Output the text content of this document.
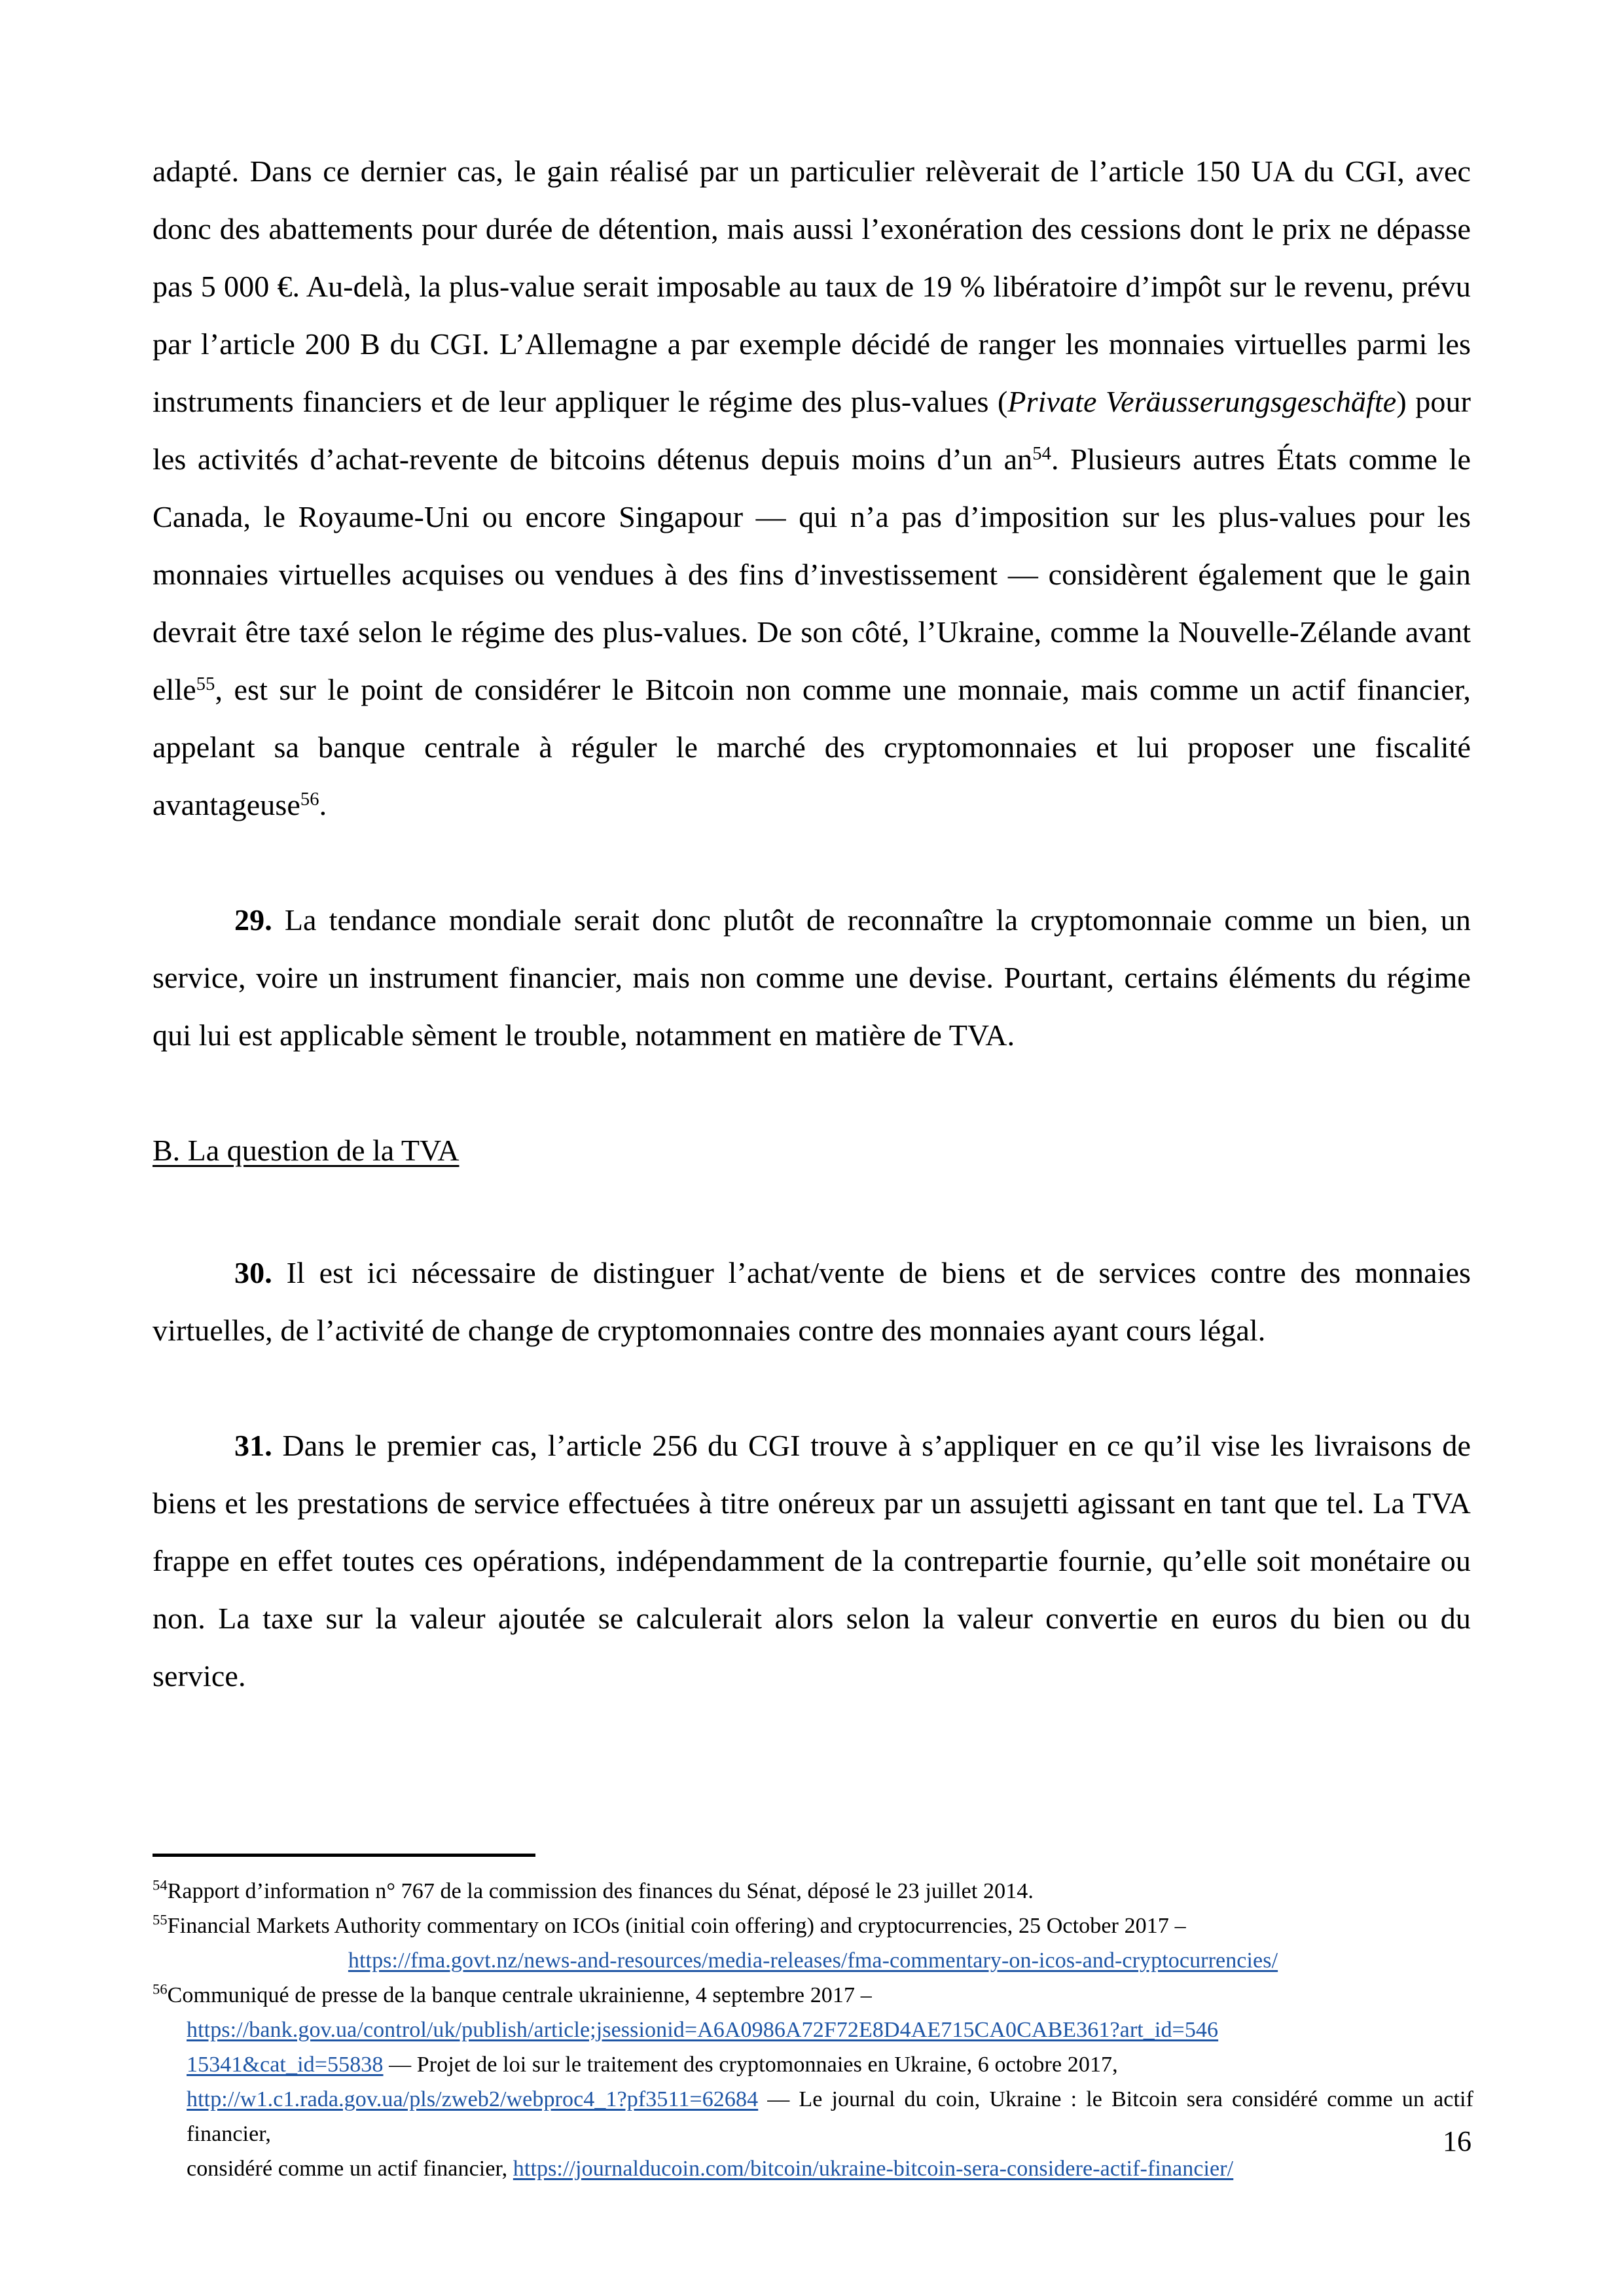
adapté. Dans ce dernier cas, le gain réalisé par un particulier relèverait de l’article 150 UA du CGI, avec donc des abattements pour durée de détention, mais aussi l’exonération des cessions dont le prix ne dépasse pas 5 000 €. Au-delà, la plus-value serait imposable au taux de 19 % libératoire d’impôt sur le revenu, prévu par l’article 200 B du CGI. L’Allemagne a par exemple décidé de ranger les monnaies virtuelles parmi les instruments financiers et de leur appliquer le régime des plus-values (Private Veräusserungsgeschäfte) pour les activités d’achat-revente de bitcoins détenus depuis moins d’un $an^{54}$. Plusieurs autres États comme le Canada, le Royaume-Uni ou encore Singapour — qui n’a pas d’imposition sur les plus-values pour les monnaies virtuelles acquises ou vendues à des fins d’investissement — considèrent également que le gain devrait être taxé selon le régime des plus-values. De son côté, l’Ukraine, comme la Nouvelle-Zélande avant elle$^{55}$, est sur le point de considérer le Bitcoin non comme une monnaie, mais comme un actif financier, appelant sa banque centrale à réguler le marché des cryptomonnaies et lui proposer une fiscalité avantageuse$^{56}$.

29. La tendance mondiale serait donc plutôt de reconnaître la cryptomonnaie comme un bien, un service, voire un instrument financier, mais non comme une devise. Pourtant, certains éléments du régime qui lui est applicable sèment le trouble, notamment en matière de TVA.

B. La question de la TVA

30. Il est ici nécessaire de distinguer l’achat/vente de biens et de services contre des monnaies virtuelles, de l’activité de change de cryptomonnaies contre des monnaies ayant cours légal.

31. Dans le premier cas, l’article 256 du CGI trouve à s’appliquer en ce qu’il vise les livraisons de biens et les prestations de service effectuées à titre onéreux par un assujetti agissant en tant que tel. La TVA frappe en effet toutes ces opérations, indépendamment de la contrepartie fournie, qu’elle soit monétaire ou non. La taxe sur la valeur ajoutée se calculerait alors selon la valeur convertie en euros du bien ou du service.

$^{54}$Rapport d’information n° 767 de la commission des finances du Sénat, déposé le 23 juillet 2014.

$^{55}$Financial Markets Authority commentary on ICOs (initial coin offering) and cryptocurrencies, 25 October 2017 –

https://fma.govt.nz/news-and-resources/media-releases/fma-commentary-on-icos-and-cryptocurrencies/

$^{56}$Communiqué de presse de la banque centrale ukrainienne, 4 septembre 2017 –

https://bank.gov.ua/control/uk/publish/article;jsessionid=A6A0986A72F72E8D4AE715CA0CABE361?art_id=546

15341&cat_id=55838 — Projet de loi sur le traitement des cryptomonnaies en Ukraine, 6 octobre 2017,

http://w1.c1.rada.gov.ua/pls/zweb2/webproc4_1?pf3511=62684 — Le journal du coin, Ukraine : le Bitcoin sera considéré comme un actif financier,

considéré comme un actif financier, https://journalducoin.com/bitcoin/ukraine-bitcoin-sera-considere-actif-financier/

16
